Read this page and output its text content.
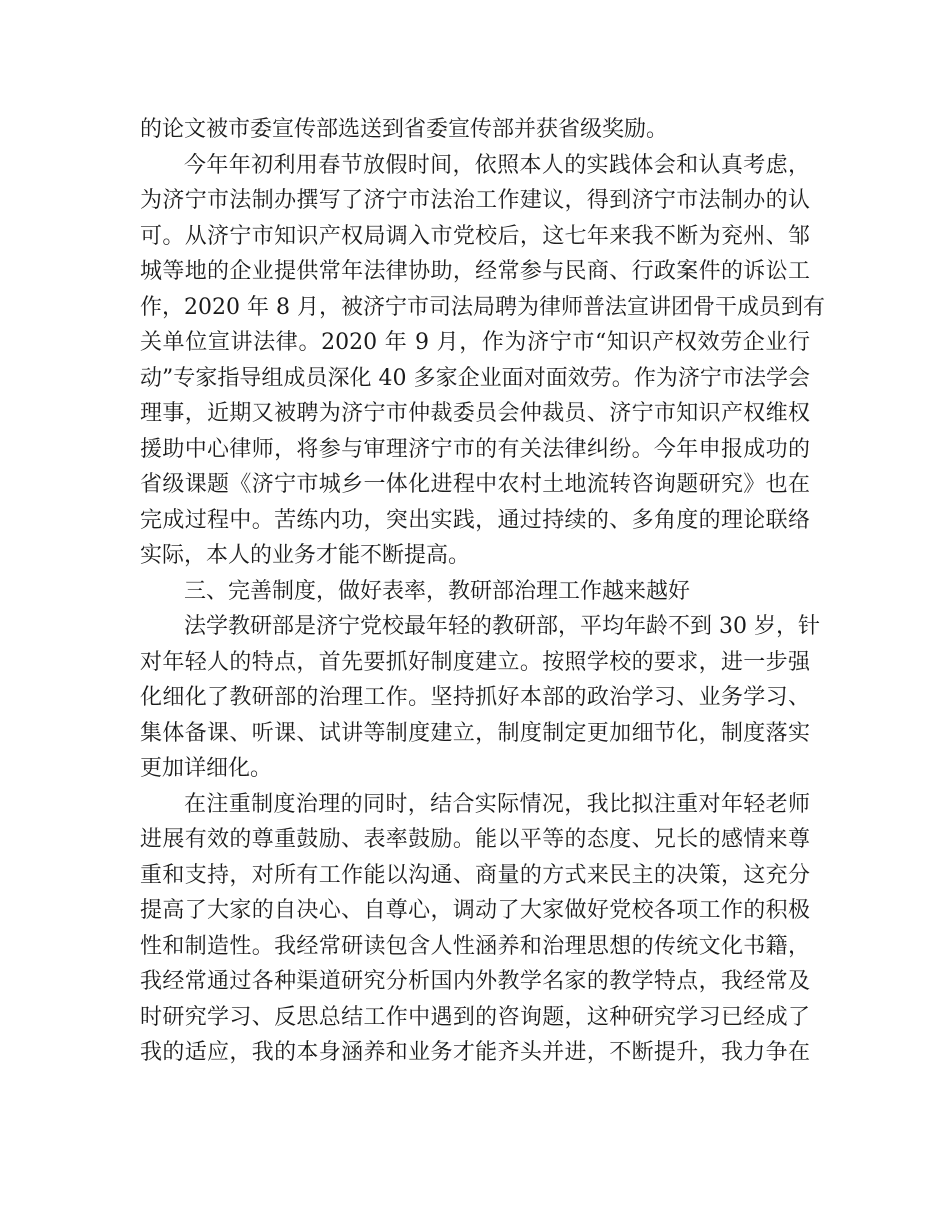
的论文被市委宣传部选送到省委宣传部并获省级奖励。
今年年初利用春节放假时间，依照本人的实践体会和认真考虑，
为济宁市法制办撰写了济宁市法治工作建议，得到济宁市法制办的认
可。从济宁市知识产权局调入市党校后，这七年来我不断为兖州、邹
城等地的企业提供常年法律协助，经常参与民商、行政案件的诉讼工
作，2020 年 8 月，被济宁市司法局聘为律师普法宣讲团骨干成员到有
关单位宣讲法律。2020 年 9 月，作为济宁市“知识产权效劳企业行
动”专家指导组成员深化 40 多家企业面对面效劳。作为济宁市法学会
理事，近期又被聘为济宁市仲裁委员会仲裁员、济宁市知识产权维权
援助中心律师，将参与审理济宁市的有关法律纠纷。今年申报成功的
省级课题《济宁市城乡一体化进程中农村土地流转咨询题研究》也在
完成过程中。苦练内功，突出实践，通过持续的、多角度的理论联络
实际，本人的业务才能不断提高。
三、完善制度，做好表率，教研部治理工作越来越好
法学教研部是济宁党校最年轻的教研部，平均年龄不到 30 岁，针
对年轻人的特点，首先要抓好制度建立。按照学校的要求，进一步强
化细化了教研部的治理工作。坚持抓好本部的政治学习、业务学习、
集体备课、听课、试讲等制度建立，制度制定更加细节化，制度落实
更加详细化。
在注重制度治理的同时，结合实际情况，我比拟注重对年轻老师
进展有效的尊重鼓励、表率鼓励。能以平等的态度、兄长的感情来尊
重和支持，对所有工作能以沟通、商量的方式来民主的决策，这充分
提高了大家的自决心、自尊心，调动了大家做好党校各项工作的积极
性和制造性。我经常研读包含人性涵养和治理思想的传统文化书籍，
我经常通过各种渠道研究分析国内外教学名家的教学特点，我经常及
时研究学习、反思总结工作中遇到的咨询题，这种研究学习已经成了
我的适应，我的本身涵养和业务才能齐头并进，不断提升，我力争在
